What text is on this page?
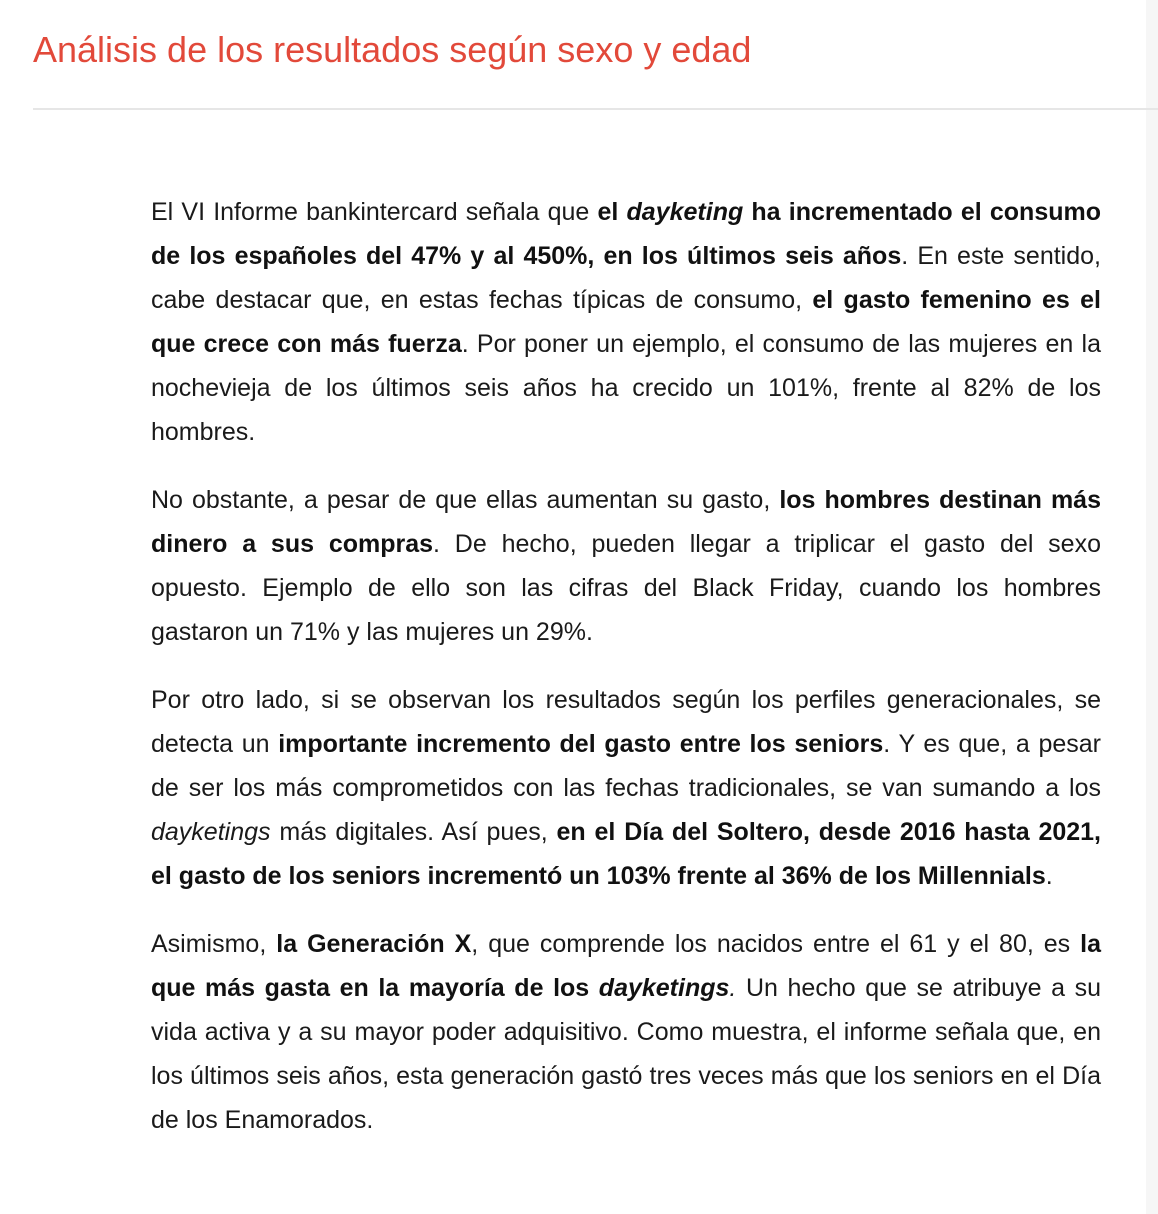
Análisis de los resultados según sexo y edad

El VI Informe bankintercard señala que el dayketing ha incrementado el consumo de los españoles del 47% y al 450%, en los últimos seis años. En este sentido, cabe destacar que, en estas fechas típicas de consumo, el gasto femenino es el que crece con más fuerza. Por poner un ejemplo, el consumo de las mujeres en la nochevieja de los últimos seis años ha crecido un 101%, frente al 82% de los hombres.

No obstante, a pesar de que ellas aumentan su gasto, los hombres destinan más dinero a sus compras. De hecho, pueden llegar a triplicar el gasto del sexo opuesto. Ejemplo de ello son las cifras del Black Friday, cuando los hombres gastaron un 71% y las mujeres un 29%.

Por otro lado, si se observan los resultados según los perfiles generacionales, se detecta un importante incremento del gasto entre los seniors. Y es que, a pesar de ser los más comprometidos con las fechas tradicionales, se van sumando a los dayketings más digitales. Así pues, en el Día del Soltero, desde 2016 hasta 2021, el gasto de los seniors incrementó un 103% frente al 36% de los Millennials.

Asimismo, la Generación X, que comprende los nacidos entre el 61 y el 80, es la que más gasta en la mayoría de los dayketings. Un hecho que se atribuye a su vida activa y a su mayor poder adquisitivo. Como muestra, el informe señala que, en los últimos seis años, esta generación gastó tres veces más que los seniors en el Día de los Enamorados.
